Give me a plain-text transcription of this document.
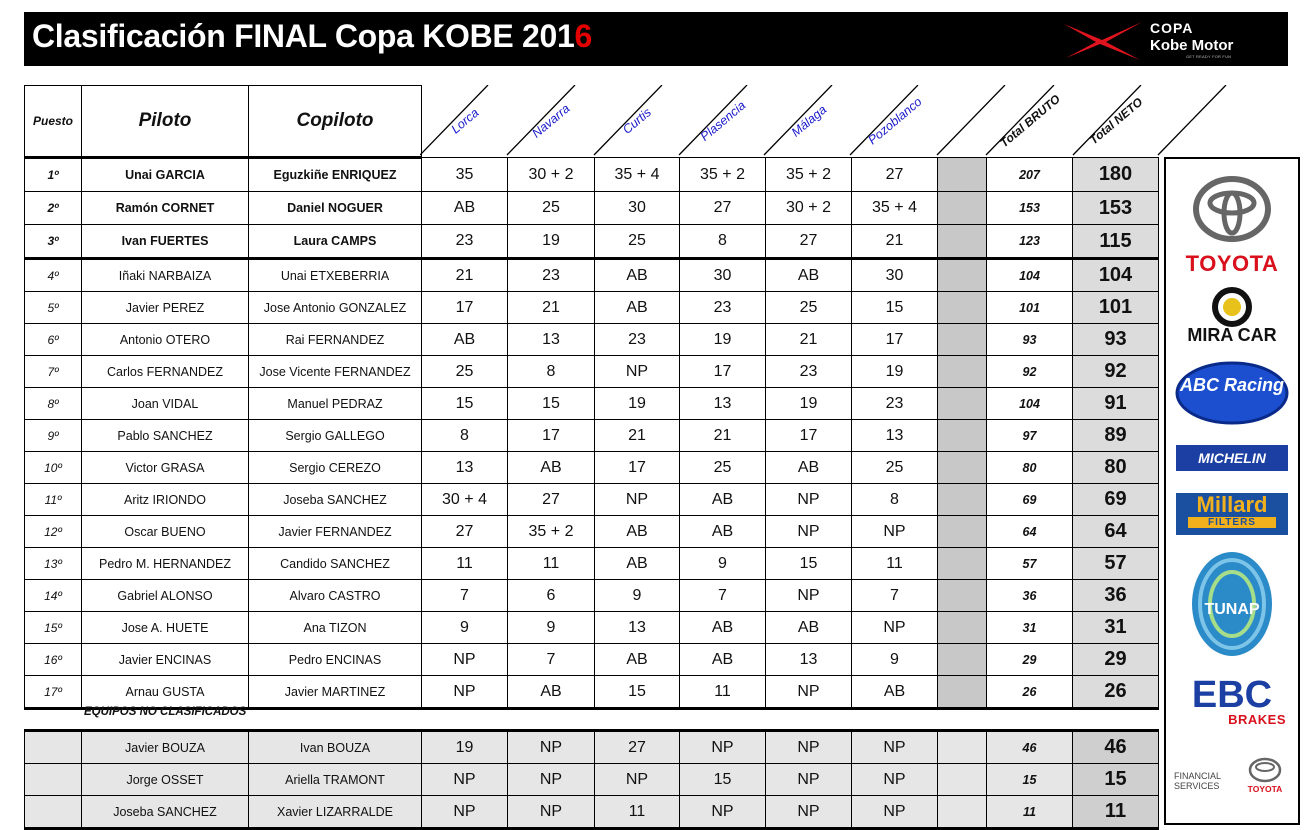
Clasificación FINAL Copa KOBE 2016	COPA
Kobe Motor
GET READY FOR FUN
Puesto	Piloto	Copiloto	Lorca	Navarra	Curtis	Plasencia	Málaga	Pozoblanco		Total BRUTO	Total NETO

1º	Unai GARCIA	Eguzkiñe ENRIQUEZ	35	30 + 2	35 + 4	35 + 2	35 + 2	27		207	180
2º	Ramón CORNET	Daniel NOGUER	AB	25	30	27	30 + 2	35 + 4		153	153
3º	Ivan FUERTES	Laura CAMPS	23	19	25	8	27	21		123	115
4º	Iñaki NARBAIZA	Unai ETXEBERRIA	21	23	AB	30	AB	30		104	104
5º	Javier PEREZ	Jose Antonio GONZALEZ	17	21	AB	23	25	15		101	101
6º	Antonio OTERO	Rai FERNANDEZ	AB	13	23	19	21	17		93	93
7º	Carlos FERNANDEZ	Jose Vicente FERNANDEZ	25	8	NP	17	23	19		92	92
8º	Joan VIDAL	Manuel PEDRAZ	15	15	19	13	19	23		104	91
9º	Pablo SANCHEZ	Sergio GALLEGO	8	17	21	21	17	13		97	89
10º	Victor GRASA	Sergio CEREZO	13	AB	17	25	AB	25		80	80
11º	Aritz IRIONDO	Joseba SANCHEZ	30 + 4	27	NP	AB	NP	8		69	69
12º	Oscar BUENO	Javier FERNANDEZ	27	35 + 2	AB	AB	NP	NP		64	64
13º	Pedro M. HERNANDEZ	Candido SANCHEZ	11	11	AB	9	15	11		57	57
14º	Gabriel ALONSO	Alvaro CASTRO	7	6	9	7	NP	7		36	36
15º	Jose A. HUETE	Ana TIZON	9	9	13	AB	AB	NP		31	31
16º	Javier ENCINAS	Pedro ENCINAS	NP	7	AB	AB	13	9		29	29
17º	Arnau GUSTA	Javier MARTINEZ	NP	AB	15	11	NP	AB		26	26

	Javier BOUZA	Ivan BOUZA	19	NP	27	NP	NP	NP		46	46
	Jorge OSSET	Ariella TRAMONT	NP	NP	NP	15	NP	NP		15	15
	Joseba SANCHEZ	Xavier LIZARRALDE	NP	NP	11	NP	NP	NP		11	11
EQUIPOS NO CLASIFICADOS
TOYOTA
MIRA CAR
ABC Racing
MICHELIN
Millard
FILTERS
TUNAP
EBC
BRAKES
FINANCIAL SERVICES	TOYOTA
